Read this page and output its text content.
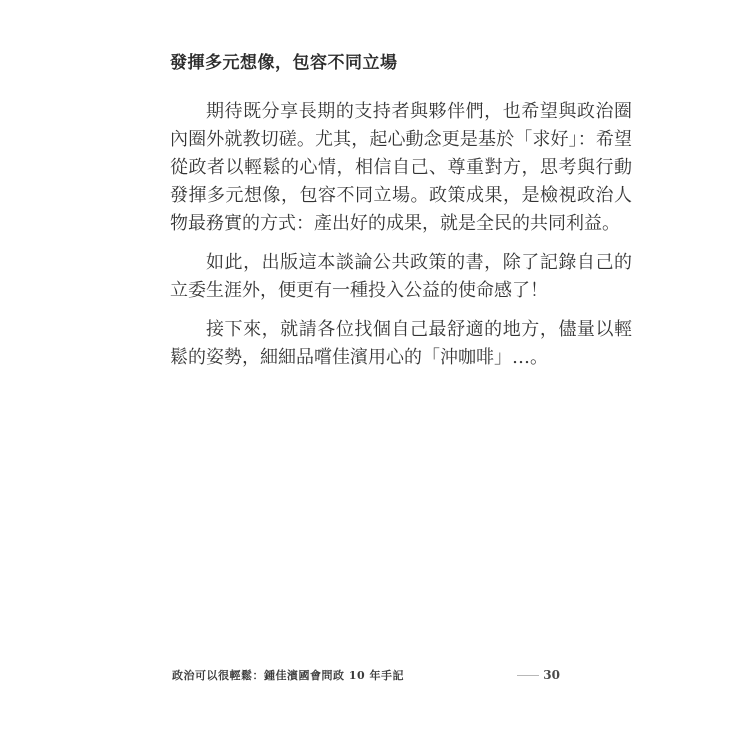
發揮多元想像，包容不同立場

期待既分享長期的支持者與夥伴們，也希望與政治圈內圈外就教切磋。尤其，起心動念更是基於「求好」：希望從政者以輕鬆的心情，相信自己、尊重對方，思考與行動發揮多元想像，包容不同立場。政策成果，是檢視政治人物最務實的方式：產出好的成果，就是全民的共同利益。

如此，出版這本談論公共政策的書，除了記錄自己的立委生涯外，便更有一種投入公益的使命感了！

接下來，就請各位找個自己最舒適的地方，儘量以輕鬆的姿勢，細細品嚐佳濱用心的「沖咖啡」…。

政治可以很輕鬆：鍾佳濱國會問政 10 年手記	30
